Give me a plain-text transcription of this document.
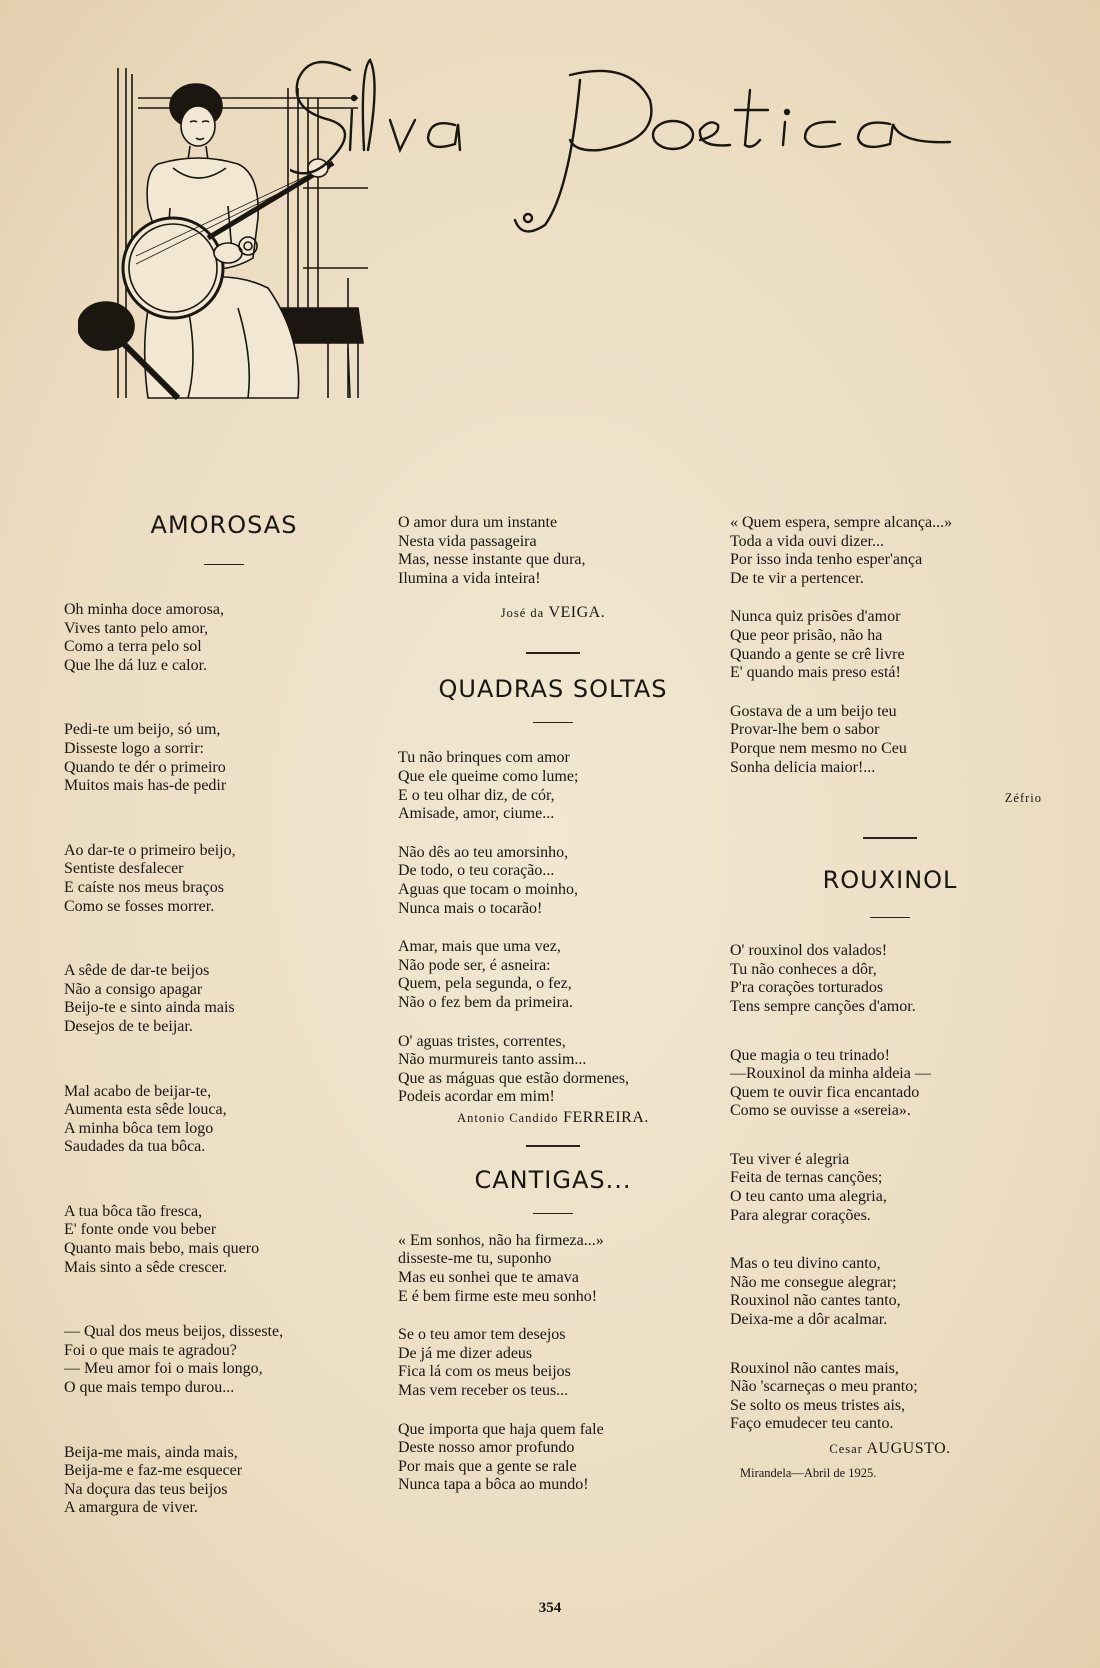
AMOROSAS
Oh minha doce amorosa,
Vives tanto pelo amor,
Como a terra pelo sol
Que lhe dá luz e calor.
Pedi-te um beijo, só um,
Disseste logo a sorrir:
Quando te dér o primeiro
Muitos mais has-de pedir
Ao dar-te o primeiro beijo,
Sentiste desfalecer
E caíste nos meus braços
Como se fosses morrer.
A sêde de dar-te beijos
Não a consigo apagar
Beijo-te e sinto ainda mais
Desejos de te beijar.
Mal acabo de beijar-te,
Aumenta esta sêde louca,
A minha bôca tem logo
Saudades da tua bôca.
A tua bôca tão fresca,
E' fonte onde vou beber
Quanto mais bebo, mais quero
Mais sinto a sêde crescer.
— Qual dos meus beijos, disseste,
Foi o que mais te agradou?
— Meu amor foi o mais longo,
O que mais tempo durou...
Beija-me mais, ainda mais,
Beija-me e faz-me esquecer
Na doçura das teus beijos
A amargura de viver.
O amor dura um instante
Nesta vida passageira
Mas, nesse instante que dura,
Ilumina a vida inteira!

José da VEIGA.

QUADRAS SOLTAS
Tu não brinques com amor
Que ele queime como lume;
E o teu olhar diz, de cór,
Amisade, amor, ciume...
Não dês ao teu amorsinho,
De todo, o teu coração...
Aguas que tocam o moinho,
Nunca mais o tocarão!
Amar, mais que uma vez,
Não pode ser, é asneira:
Quem, pela segunda, o fez,
Não o fez bem da primeira.
O' aguas tristes, correntes,
Não murmureis tanto assim...
Que as máguas que estão dormenes,
Podeis acordar em mim!

Antonio Candido FERREIRA.

CANTIGAS...
« Em sonhos, não ha firmeza...»
disseste-me tu, suponho
Mas eu sonhei que te amava
E é bem firme este meu sonho!
Se o teu amor tem desejos
De já me dizer adeus
Fica lá com os meus beijos
Mas vem receber os teus...
Que importa que haja quem fale
Deste nosso amor profundo
Por mais que a gente se rale
Nunca tapa a bôca ao mundo!
« Quem espera, sempre alcança...»
Toda a vida ouvi dizer...
Por isso inda tenho esper'ança
De te vir a pertencer.
Nunca quiz prisões d'amor
Que peor prisão, não ha
Quando a gente se crê livre
E' quando mais preso está!
Gostava de a um beijo teu
Provar-lhe bem o sabor
Porque nem mesmo no Ceu
Sonha delicia maior!...

Zéfrio

ROUXINOL
O' rouxinol dos valados!
Tu não conheces a dôr,
P'ra corações torturados
Tens sempre canções d'amor.
Que magia o teu trinado!
—Rouxinol da minha aldeia —
Quem te ouvir fica encantado
Como se ouvisse a «sereia».
Teu viver é alegria
Feita de ternas canções;
O teu canto uma alegria,
Para alegrar corações.
Mas o teu divino canto,
Não me consegue alegrar;
Rouxinol não cantes tanto,
Deixa-me a dôr acalmar.
Rouxinol não cantes mais,
Não 'scarneças o meu pranto;
Se solto os meus tristes ais,
Faço emudecer teu canto.

Cesar AUGUSTO.

Mirandela—Abril de 1925.

354
